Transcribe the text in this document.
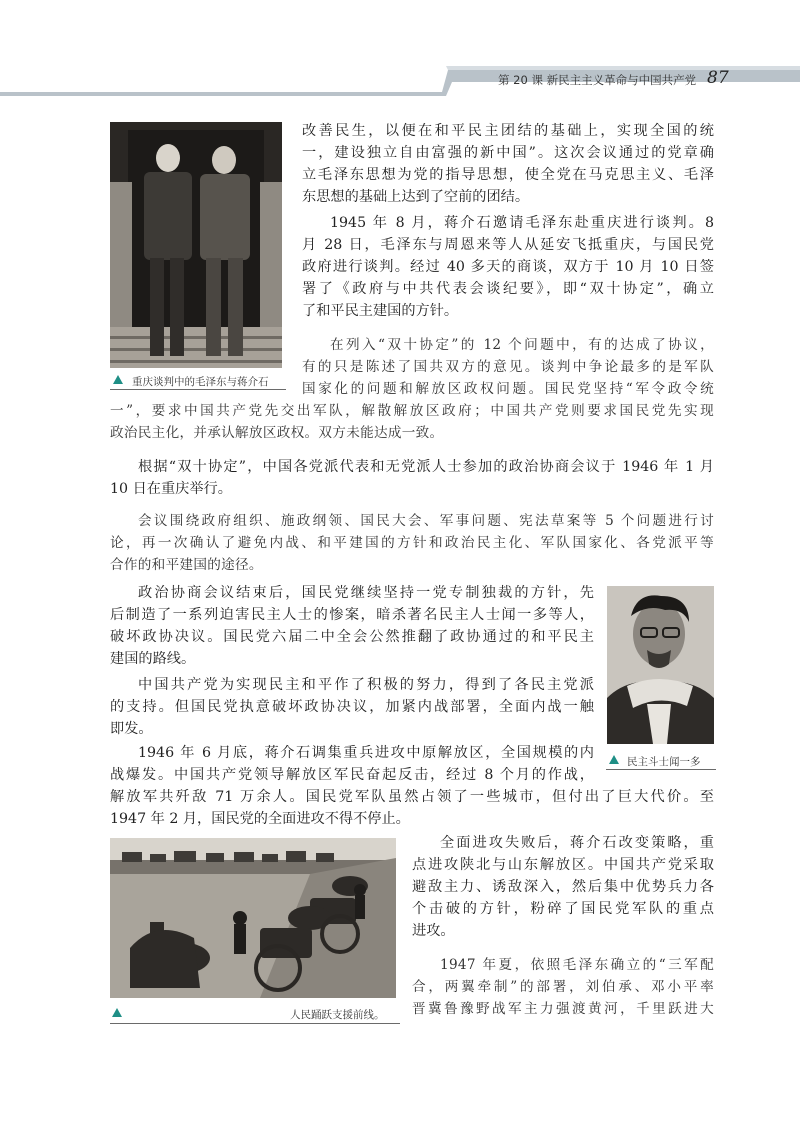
第 20 课 新民主主义革命与中国共产党 87
重庆谈判中的毛泽东与蒋介石
改善民生，以便在和平民主团结的基础上，实现全国的统
一，建设独立自由富强的新中国”。这次会议通过的党章确
立毛泽东思想为党的指导思想，使全党在马克思主义、毛泽
东思想的基础上达到了空前的团结。
1945 年 8 月，蒋介石邀请毛泽东赴重庆进行谈判。8
月 28 日，毛泽东与周恩来等人从延安飞抵重庆，与国民党
政府进行谈判。经过 40 多天的商谈，双方于 10 月 10 日签
署了《政府与中共代表会谈纪要》，即“双十协定”，确立
了和平民主建国的方针。
在列入“双十协定”的 12 个问题中，有的达成了协议，
有的只是陈述了国共双方的意见。谈判中争论最多的是军队
国家化的问题和解放区政权问题。国民党坚持“军令政令统
一”，要求中国共产党先交出军队，解散解放区政府；中国共产党则要求国民党先实现
政治民主化，并承认解放区政权。双方未能达成一致。
根据“双十协定”，中国各党派代表和无党派人士参加的政治协商会议于 1946 年 1 月
10 日在重庆举行。
会议围绕政府组织、施政纲领、国民大会、军事问题、宪法草案等 5 个问题进行讨
论，再一次确认了避免内战、和平建国的方针和政治民主化、军队国家化、各党派平等
合作的和平建国的途径。
民主斗士闻一多
政治协商会议结束后，国民党继续坚持一党专制独裁的方针，先
后制造了一系列迫害民主人士的惨案，暗杀著名民主人士闻一多等人，
破坏政协决议。国民党六届二中全会公然推翻了政协通过的和平民主
建国的路线。
中国共产党为实现民主和平作了积极的努力，得到了各民主党派
的支持。但国民党执意破坏政协决议，加紧内战部署，全面内战一触
即发。
1946 年 6 月底，蒋介石调集重兵进攻中原解放区，全国规模的内
战爆发。中国共产党领导解放区军民奋起反击，经过 8 个月的作战，
解放军共歼敌 71 万余人。国民党军队虽然占领了一些城市，但付出了巨大代价。至
1947 年 2 月，国民党的全面进攻不得不停止。
人民踊跃支援前线。
全面进攻失败后，蒋介石改变策略，重
点进攻陕北与山东解放区。中国共产党采取
避敌主力、诱敌深入，然后集中优势兵力各
个击破的方针，粉碎了国民党军队的重点
进攻。
1947 年夏，依照毛泽东确立的“三军配
合，两翼牵制”的部署，刘伯承、邓小平率
晋冀鲁豫野战军主力强渡黄河，千里跃进大
